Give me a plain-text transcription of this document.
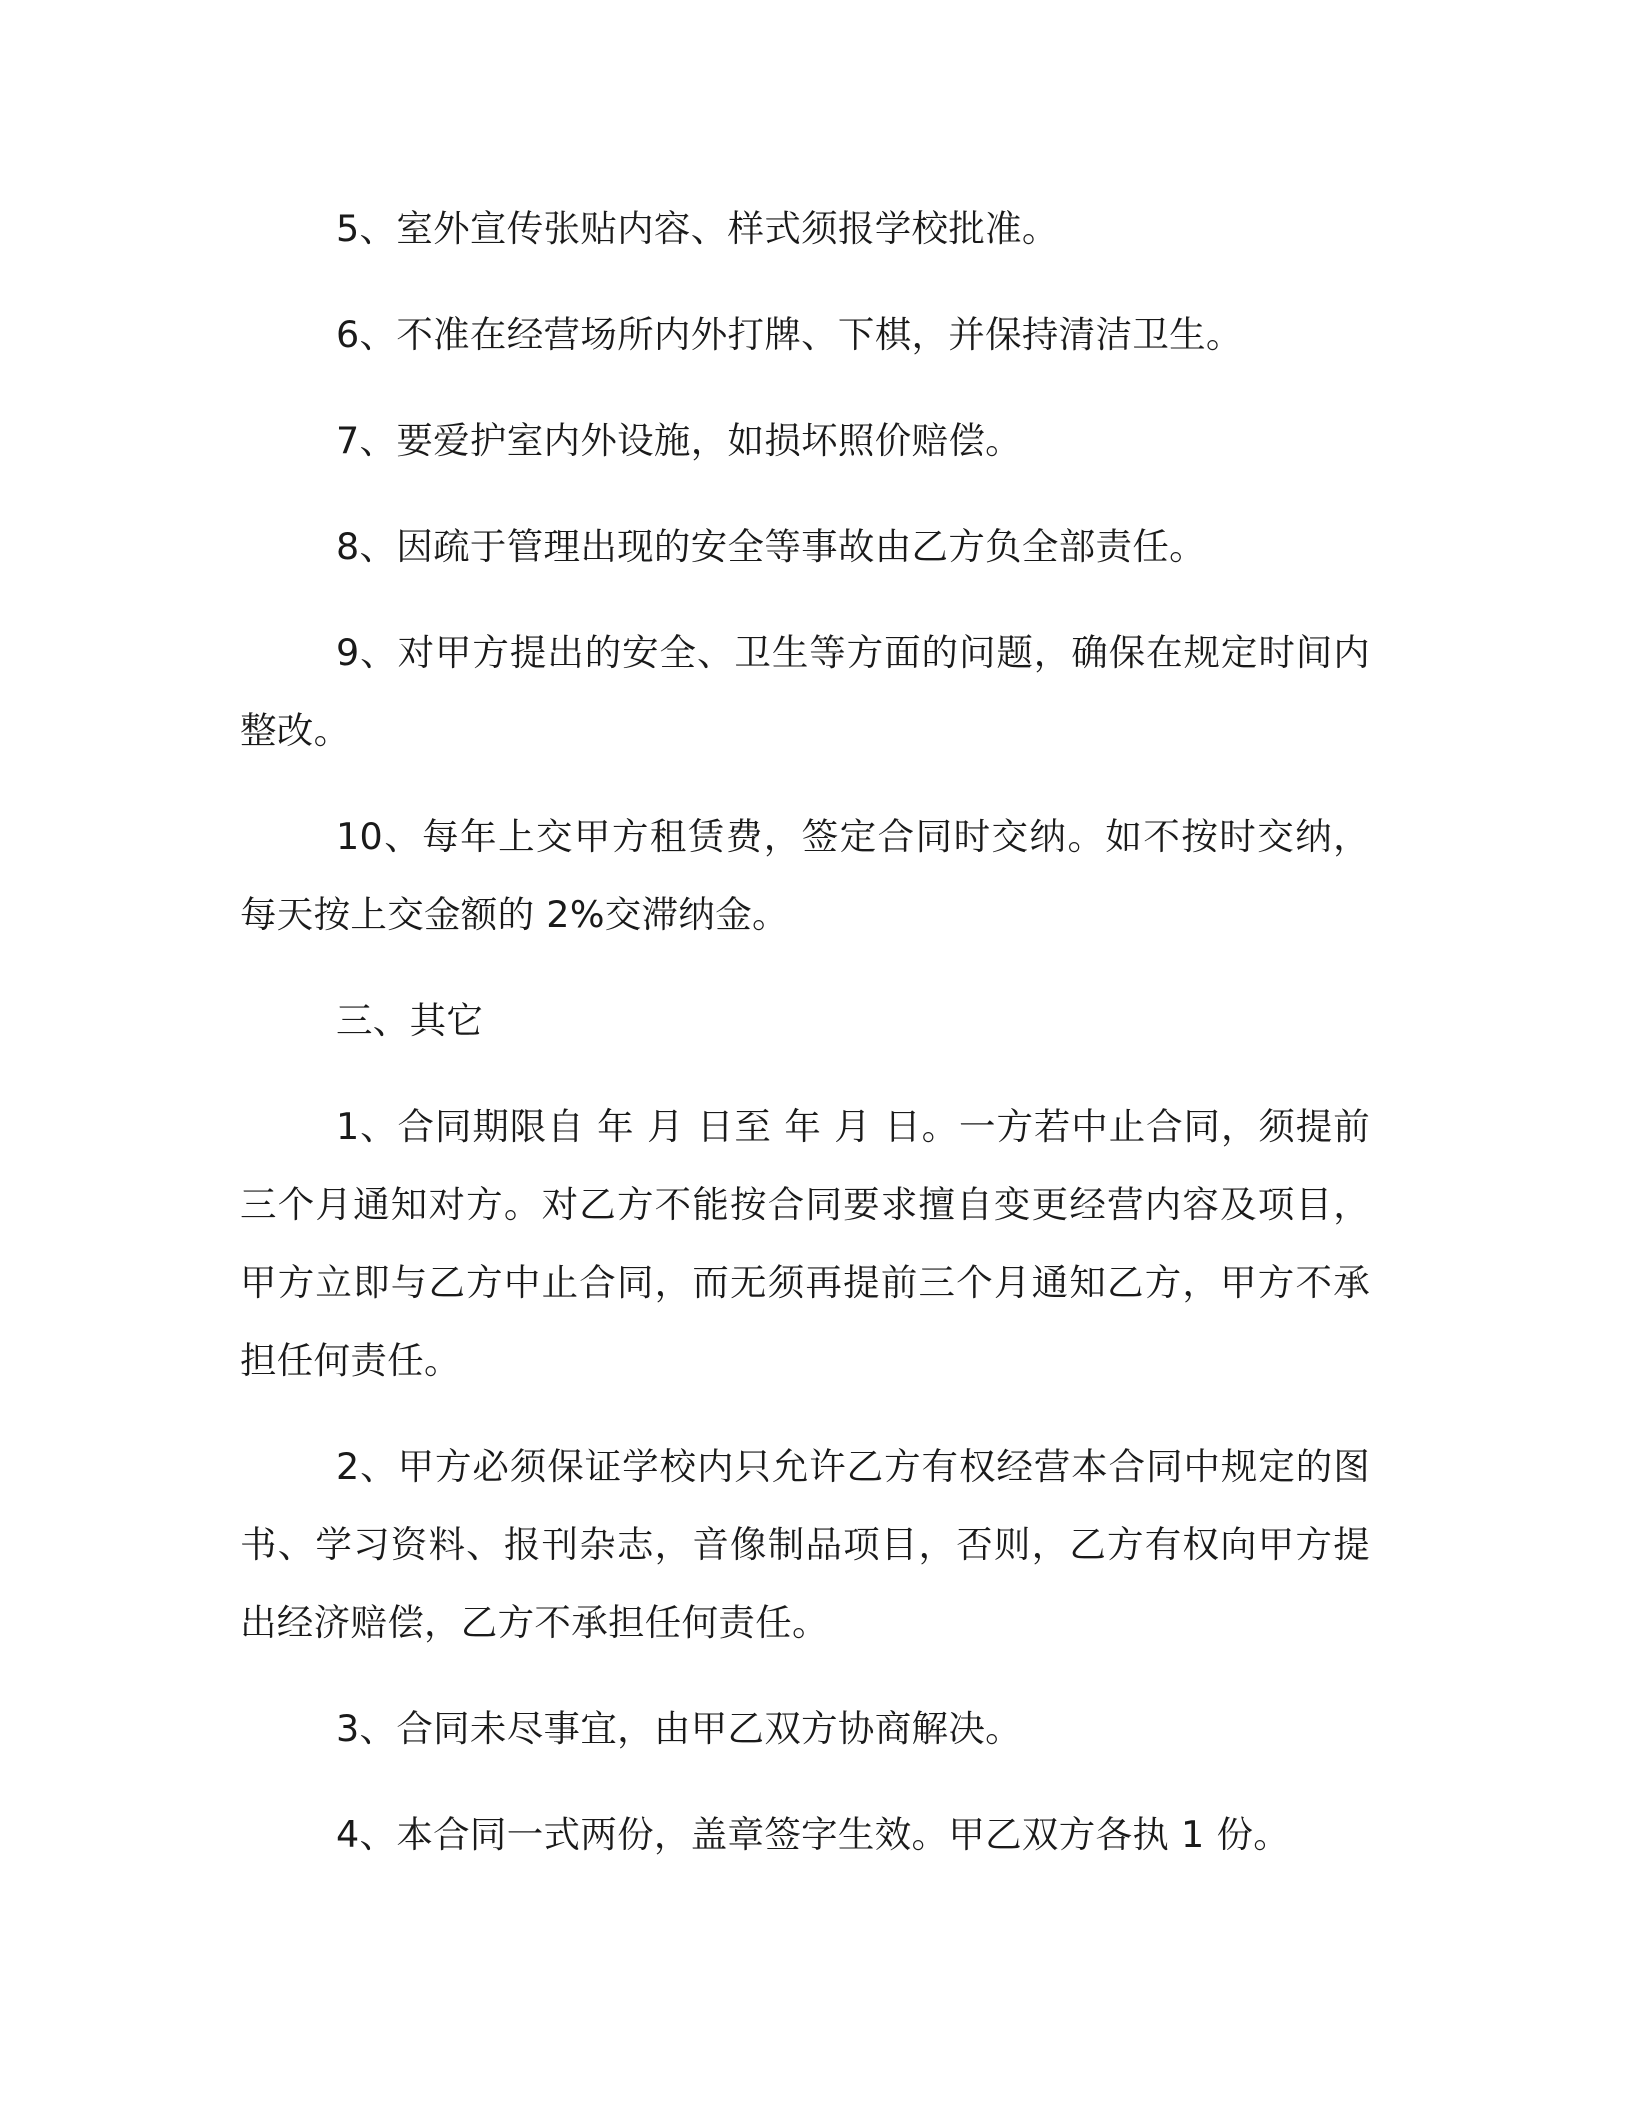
5、室外宣传张贴内容、样式须报学校批准。

6、不准在经营场所内外打牌、下棋，并保持清洁卫生。

7、要爱护室内外设施，如损坏照价赔偿。

8、因疏于管理出现的安全等事故由乙方负全部责任。

9、对甲方提出的安全、卫生等方面的问题，确保在规定时间内整改。

10、每年上交甲方租赁费，签定合同时交纳。如不按时交纳，每天按上交金额的 2%交滞纳金。

三、其它

1、合同期限自 年 月 日至 年 月 日。一方若中止合同，须提前三个月通知对方。对乙方不能按合同要求擅自变更经营内容及项目，甲方立即与乙方中止合同，而无须再提前三个月通知乙方，甲方不承担任何责任。

2、甲方必须保证学校内只允许乙方有权经营本合同中规定的图书、学习资料、报刊杂志，音像制品项目，否则，乙方有权向甲方提出经济赔偿，乙方不承担任何责任。

3、合同未尽事宜，由甲乙双方协商解决。

4、本合同一式两份，盖章签字生效。甲乙双方各执 1 份。
